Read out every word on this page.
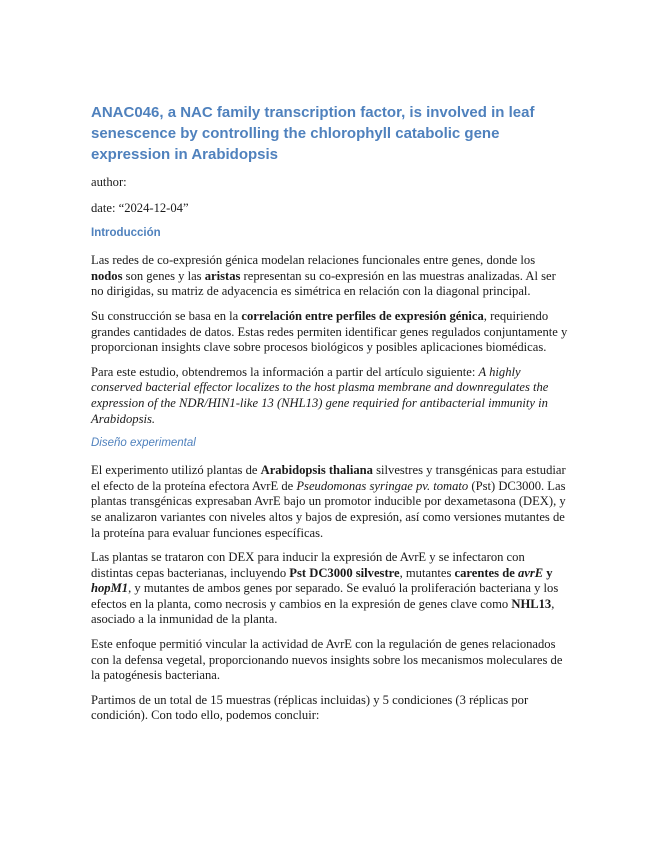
ANAC046, a NAC family transcription factor, is involved in leaf senescence by controlling the chlorophyll catabolic gene expression in Arabidopsis

author:

date: “2024-12-04”

Introducción

Las redes de co-expresión génica modelan relaciones funcionales entre genes, donde los nodos son genes y las aristas representan su co-expresión en las muestras analizadas. Al ser no dirigidas, su matriz de adyacencia es simétrica en relación con la diagonal principal.

Su construcción se basa en la correlación entre perfiles de expresión génica, requiriendo grandes cantidades de datos. Estas redes permiten identificar genes regulados conjuntamente y proporcionan insights clave sobre procesos biológicos y posibles aplicaciones biomédicas.

Para este estudio, obtendremos la información a partir del artículo siguiente: A highly conserved bacterial effector localizes to the host plasma membrane and downregulates the expression of the NDR/HIN1-like 13 (NHL13) gene requiried for antibacterial immunity in Arabidopsis.

Diseño experimental

El experimento utilizó plantas de Arabidopsis thaliana silvestres y transgénicas para estudiar el efecto de la proteína efectora AvrE de Pseudomonas syringae pv. tomato (Pst) DC3000. Las plantas transgénicas expresaban AvrE bajo un promotor inducible por dexametasona (DEX), y se analizaron variantes con niveles altos y bajos de expresión, así como versiones mutantes de la proteína para evaluar funciones específicas.

Las plantas se trataron con DEX para inducir la expresión de AvrE y se infectaron con distintas cepas bacterianas, incluyendo Pst DC3000 silvestre, mutantes carentes de avrE y hopM1, y mutantes de ambos genes por separado. Se evaluó la proliferación bacteriana y los efectos en la planta, como necrosis y cambios en la expresión de genes clave como NHL13, asociado a la inmunidad de la planta.

Este enfoque permitió vincular la actividad de AvrE con la regulación de genes relacionados con la defensa vegetal, proporcionando nuevos insights sobre los mecanismos moleculares de la patogénesis bacteriana.

Partimos de un total de 15 muestras (réplicas incluidas) y 5 condiciones (3 réplicas por condición). Con todo ello, podemos concluir:
